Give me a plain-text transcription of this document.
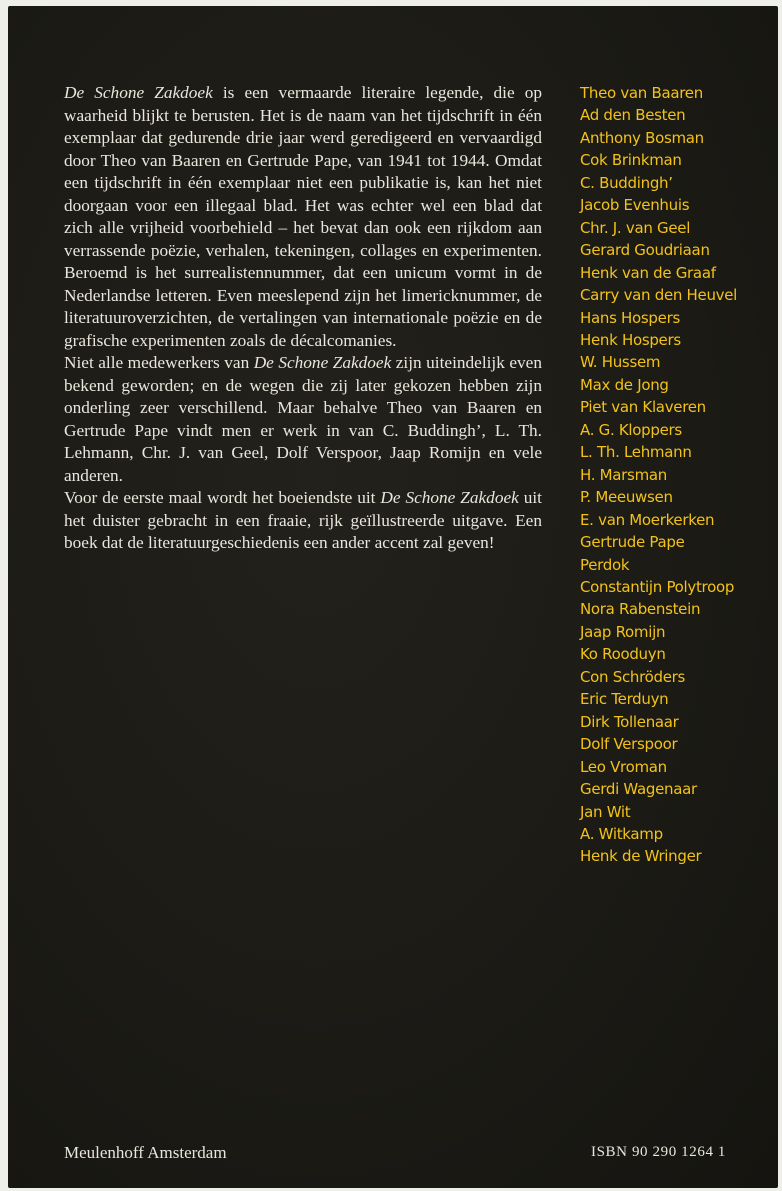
De Schone Zakdoek is een vermaarde literaire legende, die op waarheid blijkt te berusten. Het is de naam van het tijdschrift in één exemplaar dat gedurende drie jaar werd geredigeerd en vervaardigd door Theo van Baaren en Gertrude Pape, van 1941 tot 1944. Omdat een tijdschrift in één exemplaar niet een publikatie is, kan het niet doorgaan voor een illegaal blad. Het was echter wel een blad dat zich alle vrijheid voorbehield – het bevat dan ook een rijkdom aan verrassende poëzie, verhalen, tekeningen, collages en experimenten. Beroemd is het surrealistennummer, dat een unicum vormt in de Nederlandse letteren. Even meeslepend zijn het limericknummer, de literatuuroverzichten, de vertalingen van internationale poëzie en de grafische experimenten zoals de décalcomanies.

Niet alle medewerkers van De Schone Zakdoek zijn uiteindelijk even bekend geworden; en de wegen die zij later gekozen hebben zijn onderling zeer verschillend. Maar behalve Theo van Baaren en Gertrude Pape vindt men er werk in van C. Buddingh’, L. Th. Lehmann, Chr. J. van Geel, Dolf Verspoor, Jaap Romijn en vele anderen.

Voor de eerste maal wordt het boeiendste uit De Schone Zakdoek uit het duister gebracht in een fraaie, rijk geïllustreerde uitgave. Een boek dat de literatuurgeschiedenis een ander accent zal geven!

Theo van Baaren
Ad den Besten
Anthony Bosman
Cok Brinkman
C. Buddingh’
Jacob Evenhuis
Chr. J. van Geel
Gerard Goudriaan
Henk van de Graaf
Carry van den Heuvel
Hans Hospers
Henk Hospers
W. Hussem
Max de Jong
Piet van Klaveren
A. G. Kloppers
L. Th. Lehmann
H. Marsman
P. Meeuwsen
E. van Moerkerken
Gertrude Pape
Perdok
Constantijn Polytroop
Nora Rabenstein
Jaap Romijn
Ko Rooduyn
Con Schröders
Eric Terduyn
Dirk Tollenaar
Dolf Verspoor
Leo Vroman
Gerdi Wagenaar
Jan Wit
A. Witkamp
Henk de Wringer
Meulenhoff Amsterdam	ISBN 90 290 1264 1
